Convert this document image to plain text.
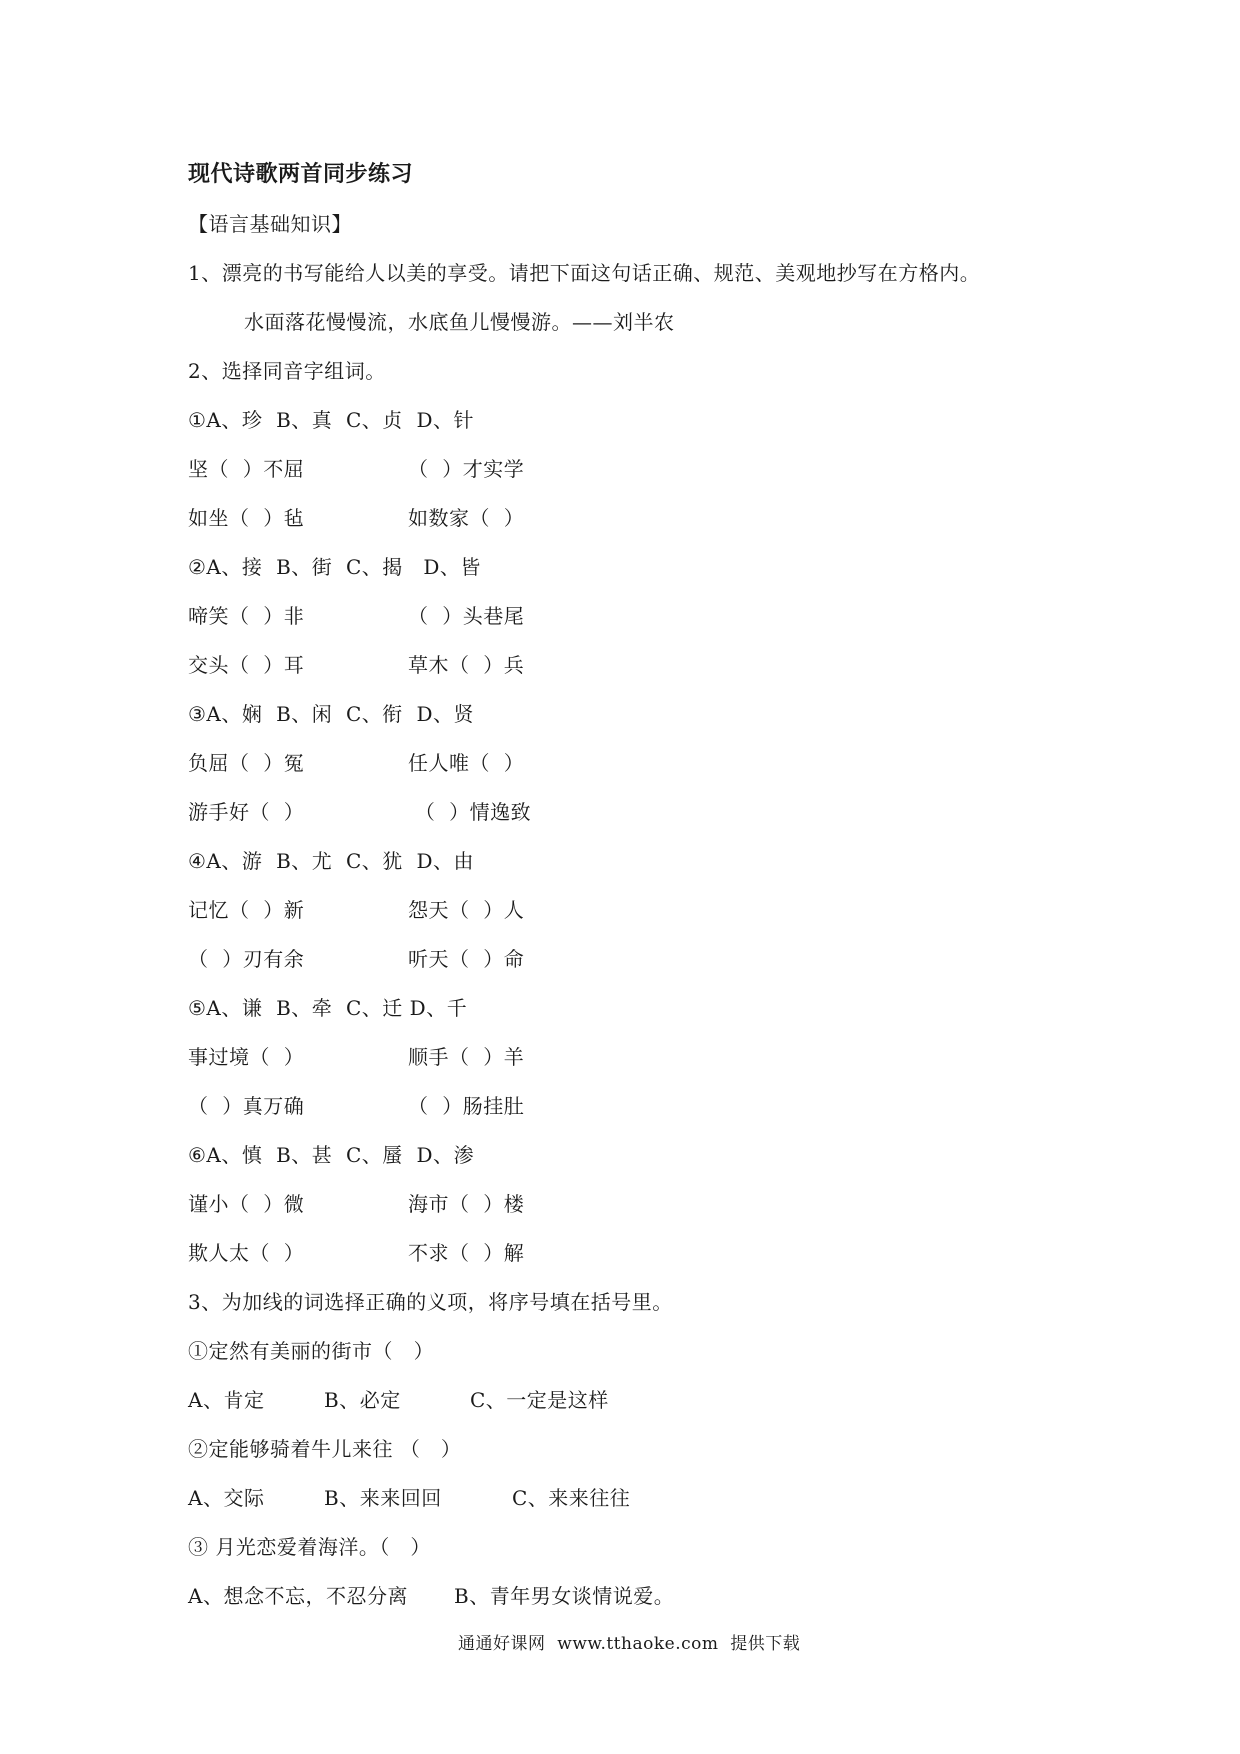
现代诗歌两首同步练习
【语言基础知识】
1、漂亮的书写能给人以美的享受。请把下面这句话正确、规范、美观地抄写在方格内。
水面落花慢慢流，水底鱼儿慢慢游。——刘半农
2、选择同音字组词。
①A、珍  B、真  C、贞  D、针
坚（  ）不屈	（  ）才实学
如坐（  ）毡	如数家（  ）
②A、接  B、街  C、揭   D、皆
啼笑（  ）非	（  ）头巷尾
交头（  ）耳	草木（  ）兵
③A、娴  B、闲  C、衔  D、贤
负屈（  ）冤	任人唯（  ）
游手好（  ）	（  ）情逸致
④A、游  B、尤  C、犹  D、由
记忆（  ）新	怨天（  ）人
（  ）刃有余	听天（  ）命
⑤A、谦  B、牵  C、迁 D、千
事过境（  ）	顺手（  ）羊
（  ）真万确	（  ）肠挂肚
⑥A、慎  B、甚  C、蜃  D、渗
谨小（  ）微	海市（  ）楼
欺人太（  ）	不求（  ）解
3、为加线的词选择正确的义项，将序号填在括号里。
①定然有美丽的街市（   ）
A、肯定	B、必定	C、一定是这样
②定能够骑着牛儿来往 （   ）
A、交际	B、来来回回	C、来来往往
③ 月光恋爱着海洋。（   ）
A、想念不忘，不忍分离 B、青年男女谈情说爱。
通通好课网  www.tthaoke.com  提供下载
